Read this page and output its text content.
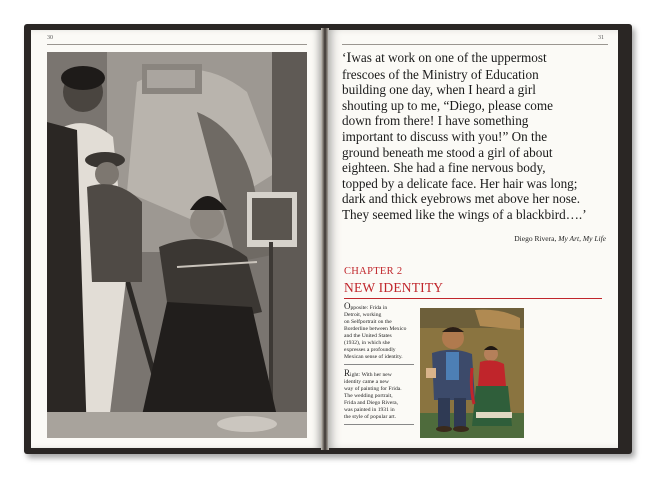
30	31

‘Iwas at work on one of the uppermost
frescoes of the Ministry of Education
building one day, when I heard a girl
shouting up to me, “Diego, please come
down from there! I have something
important to discuss with you!” On the
ground beneath me stood a girl of about
eighteen. She had a fine nervous body,
topped by a delicate face. Her hair was long;
dark and thick eyebrows met above her nose.
They seemed like the wings of a blackbird….’

Diego Rivera, My Art, My Life

CHAPTER 2

NEW IDENTITY

Opposite: Frida in
Detroit, working
on Selfportrait on the
Borderline between Mexico
and the United States
(1932), in which she
expresses a profoundly
Mexican sense of identity.

Right: With her new
identity came a new
way of painting for Frida.
The wedding portrait,
Frida and Diego Rivera,
was painted in 1931 in
the style of popular art.
